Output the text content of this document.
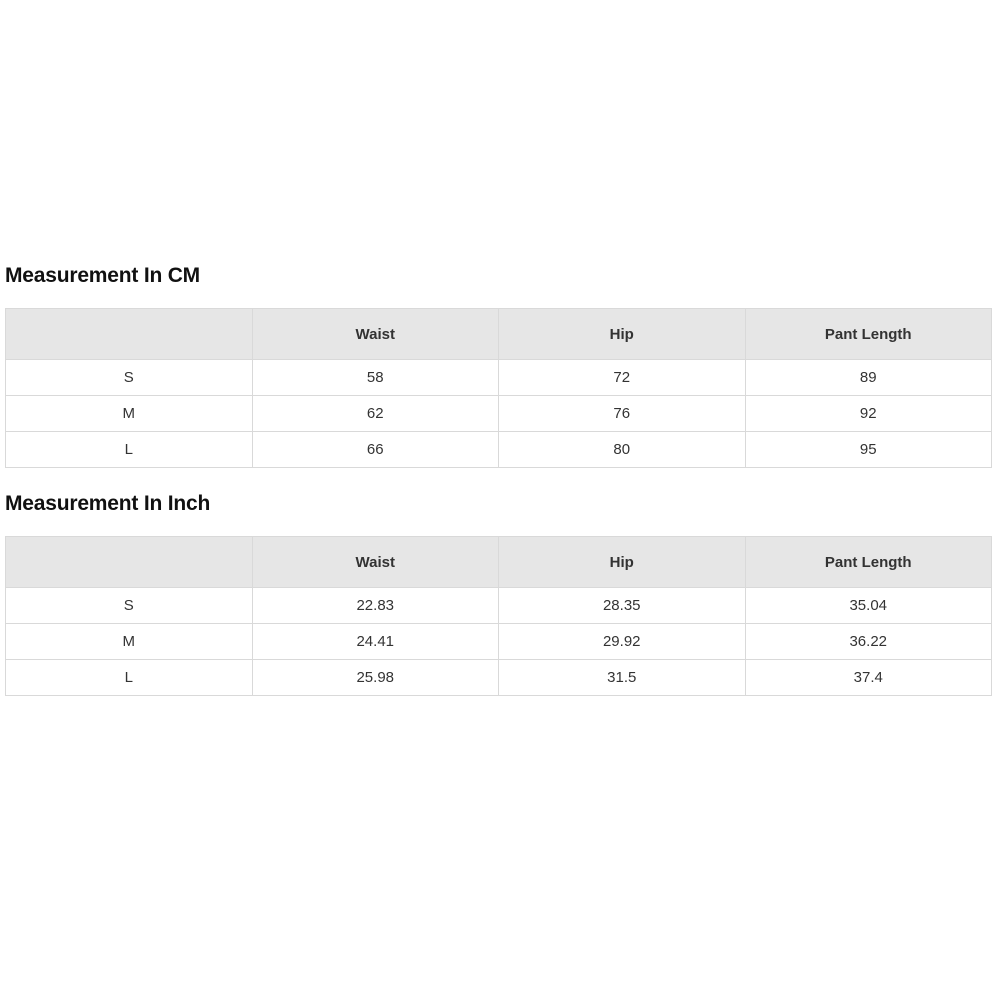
Measurement In CM
	Waist	Hip	Pant Length
S	58	72	89
M	62	76	92
L	66	80	95
Measurement In Inch
	Waist	Hip	Pant Length
S	22.83	28.35	35.04
M	24.41	29.92	36.22
L	25.98	31.5	37.4
